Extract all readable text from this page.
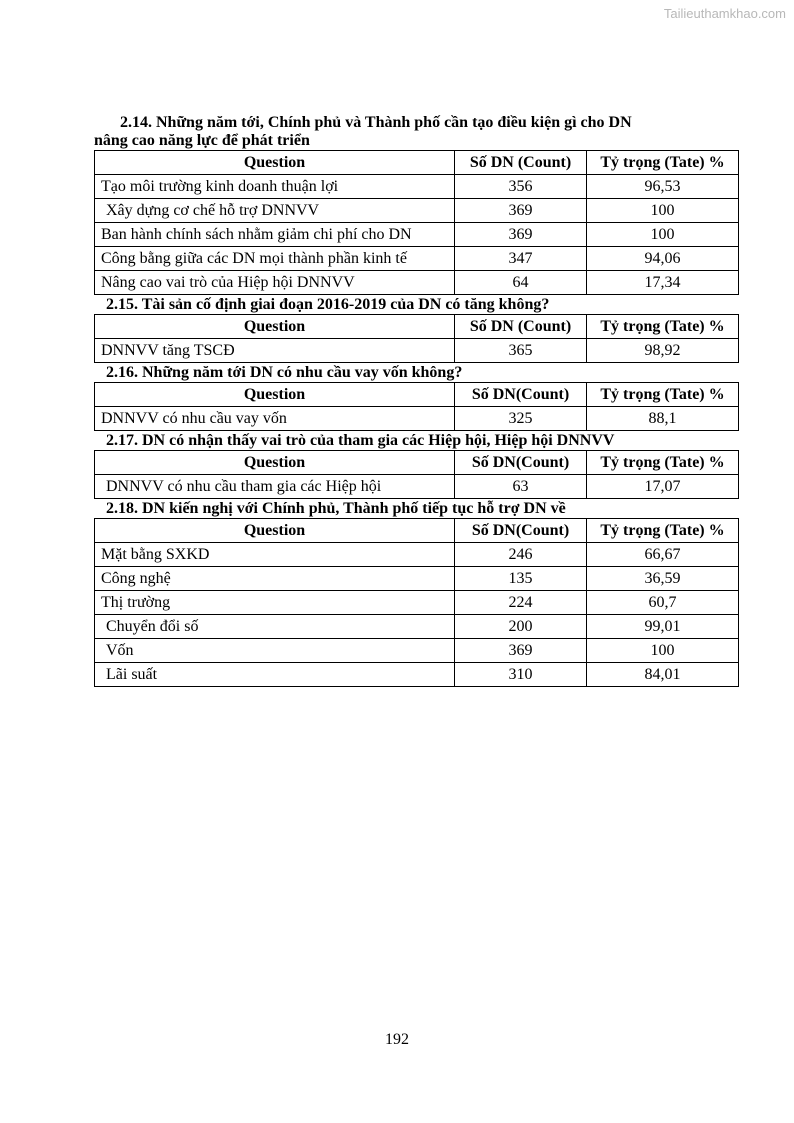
Tailieuthamkhao.com

2.14. Những năm tới, Chính phủ và Thành phố cần tạo điều kiện gì cho DN
nâng cao năng lực để phát triển

Question	Số DN (Count)	Tỷ trọng (Tate) %
Tạo môi trường kinh doanh thuận lợi	356	96,53
Xây dựng cơ chế hỗ trợ DNNVV	369	100
Ban hành chính sách nhằm giảm chi phí cho DN	369	100
Công bằng giữa các DN mọi thành phần kinh tế	347	94,06
Nâng cao vai trò của Hiệp hội DNNVV	64	17,34

2.15. Tài sản cố định giai đoạn 2016-2019 của DN có tăng không?

Question	Số DN (Count)	Tỷ trọng (Tate) %
DNNVV tăng TSCĐ	365	98,92

2.16. Những năm tới DN có nhu cầu vay vốn không?

Question	Số DN(Count)	Tỷ trọng (Tate) %
DNNVV có nhu cầu vay vốn	325	88,1

2.17. DN có nhận thấy vai trò của tham gia các Hiệp hội, Hiệp hội DNNVV

Question	Số DN(Count)	Tỷ trọng (Tate) %
DNNVV có nhu cầu tham gia các Hiệp hội	63	17,07

2.18. DN kiến nghị với Chính phủ, Thành phố tiếp tục hỗ trợ DN về

Question	Số DN(Count)	Tỷ trọng (Tate) %
Mặt bằng SXKD	246	66,67
Công nghệ	135	36,59
Thị trường	224	60,7
Chuyển đổi số	200	99,01
Vốn	369	100
Lãi suất	310	84,01
192
